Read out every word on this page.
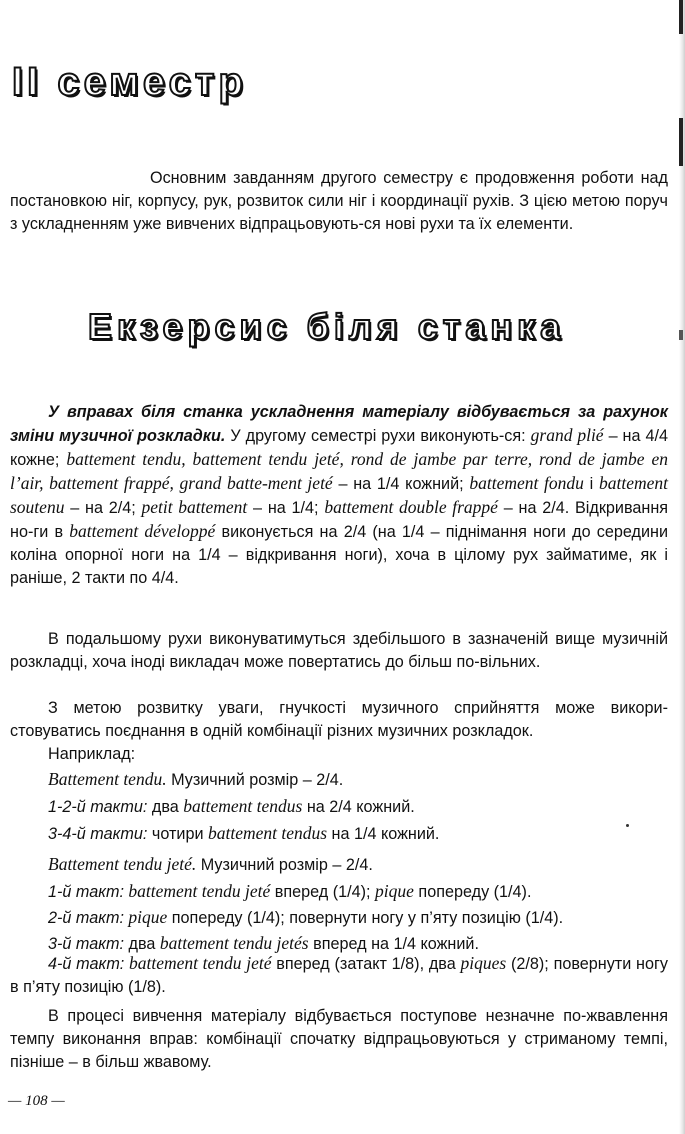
II семестр

Основним завданням другого семестру є продовження роботи над постановкою ніг, корпусу, рук, розвиток сили ніг і координації рухів. З цією метою поруч з ускладненням уже вивчених відпрацьовують-ся нові рухи та їх елементи.

Екзерсис біля станка

У вправах біля станка ускладнення матеріалу відбувається за рахунок зміни музичної розкладки. У другому семестрі рухи виконують-ся: grand plié – на 4/4 кожне; battement tendu, battement tendu jeté, rond de jambe par terre, rond de jambe en l’air, battement frappé, grand batte-ment jeté – на 1/4 кожний; battement fondu і battement soutenu – на 2/4; petit battement – на 1/4; battement double frappé – на 2/4. Відкривання но-ги в battement développé виконується на 2/4 (на 1/4 – піднімання ноги до середини коліна опорної ноги на 1/4 – відкривання ноги), хоча в цілому рух займатиме, як і раніше, 2 такти по 4/4.

В подальшому рухи виконуватимуться здебільшого в зазначеній вище музичній розкладці, хоча іноді викладач може повертатись до більш по-вільних.

З метою розвитку уваги, гнучкості музичного сприйняття може викори-стовуватись поєднання в одній комбінації різних музичних розкладок.

Наприклад:

Battement tendu. Музичний розмір – 2/4.

1-2-й такти: два battement tendus на 2/4 кожний.

3-4-й такти: чотири battement tendus на 1/4 кожний.

Battement tendu jeté. Музичний розмір – 2/4.

1-й такт: battement tendu jeté вперед (1/4); pique попереду (1/4).

2-й такт: pique попереду (1/4); повернути ногу у п’яту позицію (1/4).

3-й такт: два battement tendu jetés вперед на 1/4 кожний.

4-й такт: battement tendu jeté вперед (затакт 1/8), два piques (2/8); повернути ногу в п’яту позицію (1/8).

В процесі вивчення матеріалу відбувається поступове незначне по-жвавлення темпу виконання вправ: комбінації спочатку відпрацьовуються у стриманому темпі, пізніше – в більш жвавому.

— 108 —
